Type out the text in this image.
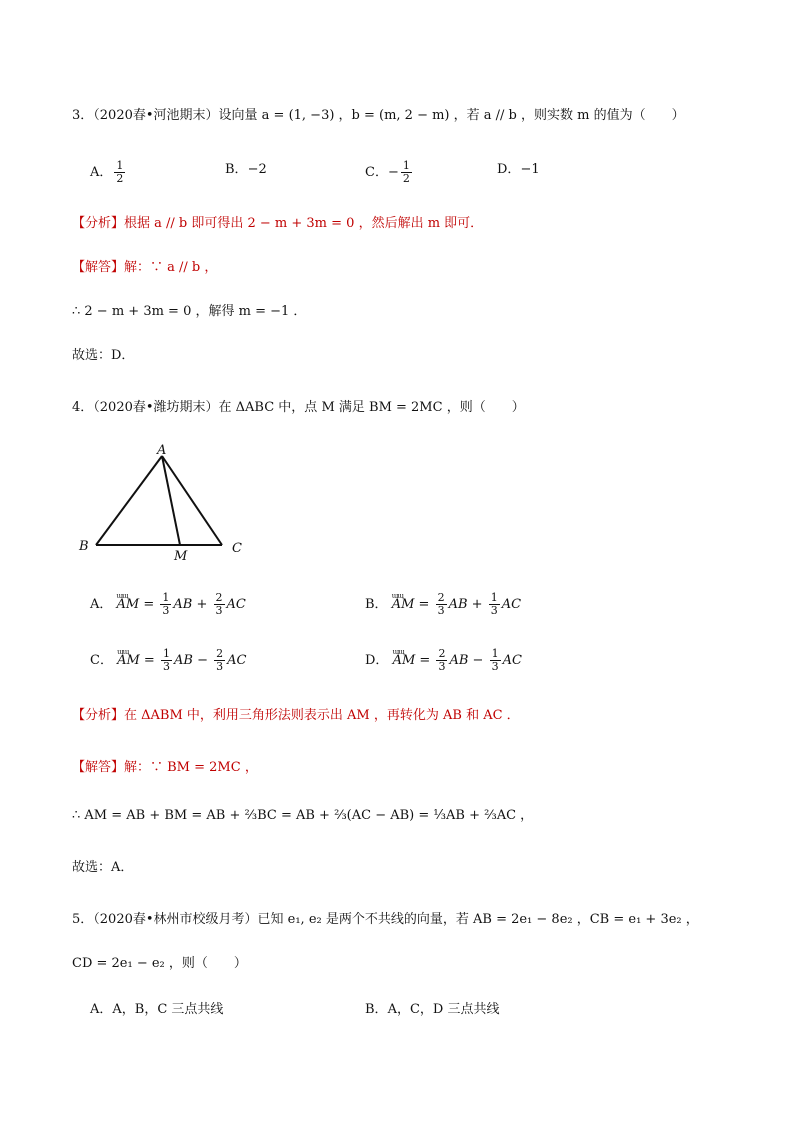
3．（2020春•河池期末）设向量 a = (1, −3) ，b = (m, 2 − m) ，若 a // b ，则实数 m 的值为（　　）
A． $\frac{1}{2}$	B．−2	C．− $\frac{1}{2}$	D．−1
【分析】根据 a // b 即可得出 2 − m + 3m = 0 ，然后解出 m 即可．
【解答】解：∵ a // b ，
∴ 2 − m + 3m = 0 ，解得 m = −1 ．
故选：D．
4．（2020春•潍坊期末）在 ΔABC 中，点 M 满足 BM = 2MC ，则（　　）
A
B	C
M
A． ɯɯ AM = $\frac{1}{3}$ AB + $\frac{2}{3}$ AC	B． ɯɯ AM = $\frac{2}{3}$ AB + $\frac{1}{3}$ AC
C． ɯɯ AM = $\frac{1}{3}$ AB − $\frac{2}{3}$ AC	D． ɯɯ AM = $\frac{2}{3}$ AB − $\frac{1}{3}$ AC
【分析】在 ΔABM 中，利用三角形法则表示出 AM ，再转化为 AB 和 AC ．
【解答】解：∵ BM = 2MC ，
∴ AM = AB + BM = AB + ⅔BC = AB + ⅔(AC − AB) = ⅓AB + ⅔AC ，
故选：A．
5．（2020春•林州市校级月考）已知 e₁, e₂ 是两个不共线的向量，若 AB = 2e₁ − 8e₂ ，CB = e₁ + 3e₂ ，
CD = 2e₁ − e₂ ，则（　　）
A．A，B，C 三点共线	B．A，C，D 三点共线
